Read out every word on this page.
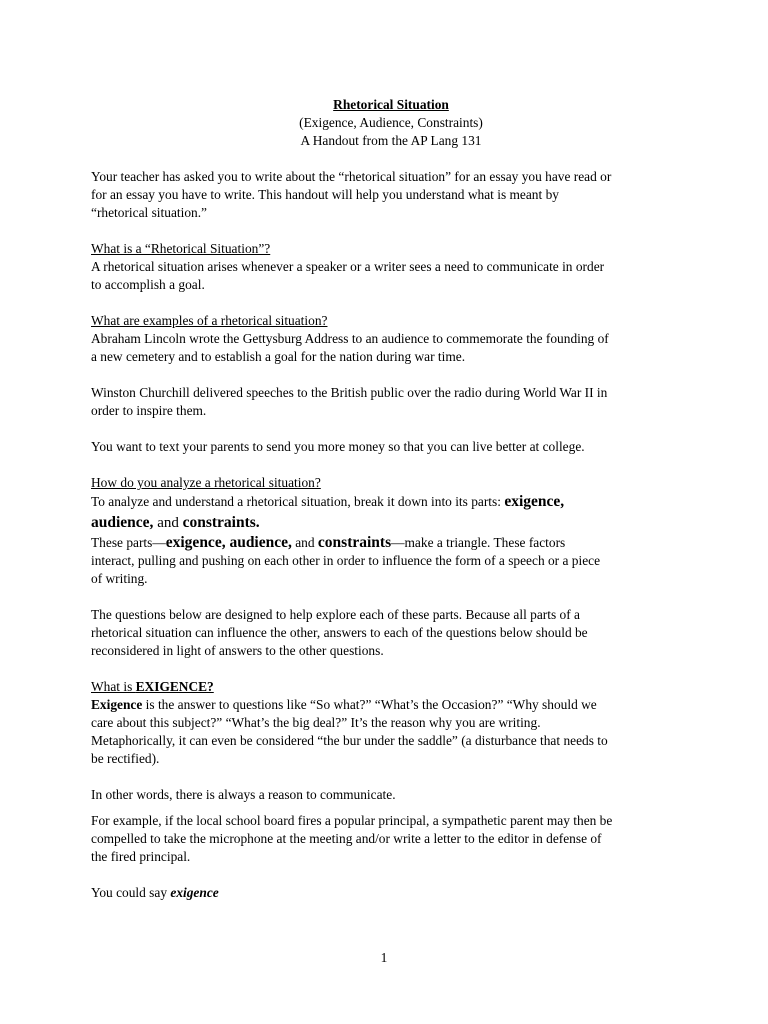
Rhetorical Situation

(Exigence, Audience, Constraints)

A Handout from the AP Lang 131

Your teacher has asked you to write about the “rhetorical situation” for an essay you have read or

for an essay you have to write. This handout will help you understand what is meant by

“rhetorical situation.”

What is a “Rhetorical Situation”?

A rhetorical situation arises whenever a speaker or a writer sees a need to communicate in order

to accomplish a goal.

What are examples of a rhetorical situation?

Abraham Lincoln wrote the Gettysburg Address to an audience to commemorate the founding of

a new cemetery and to establish a goal for the nation during war time.

Winston Churchill delivered speeches to the British public over the radio during World War II in

order to inspire them.

You want to text your parents to send you more money so that you can live better at college.

How do you analyze a rhetorical situation?

To analyze and understand a rhetorical situation, break it down into its parts: exigence,

audience, and constraints.

These parts—exigence, audience, and constraints—make a triangle. These factors

interact, pulling and pushing on each other in order to influence the form of a speech or a piece

of writing.

The questions below are designed to help explore each of these parts. Because all parts of a

rhetorical situation can influence the other, answers to each of the questions below should be

reconsidered in light of answers to the other questions.

What is EXIGENCE?

Exigence is the answer to questions like “So what?” “What’s the Occasion?” “Why should we

care about this subject?” “What’s the big deal?” It’s the reason why you are writing.

Metaphorically, it can even be considered “the bur under the saddle” (a disturbance that needs to

be rectified).

In other words, there is always a reason to communicate.

For example, if the local school board fires a popular principal, a sympathetic parent may then be

compelled to take the microphone at the meeting and/or write a letter to the editor in defense of

the fired principal.

You could say exigence

1
